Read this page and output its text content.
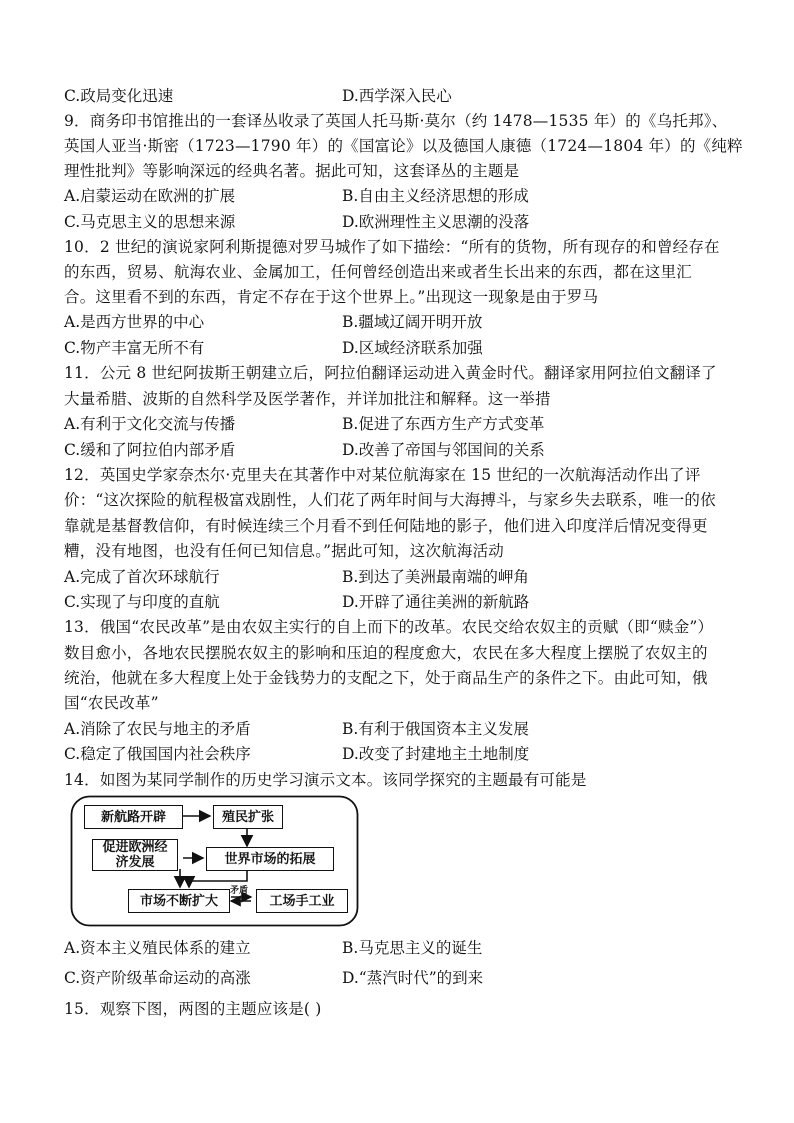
C.政局变化迅速	D.西学深入民心
9．商务印书馆推出的一套译丛收录了英国人托马斯·莫尔（约 1478—1535 年）的《乌托邦》、
英国人亚当·斯密（1723—1790 年）的《国富论》以及德国人康德（1724—1804 年）的《纯粹
理性批判》等影响深远的经典名著。据此可知，这套译丛的主题是
A.启蒙运动在欧洲的扩展	B.自由主义经济思想的形成
C.马克思主义的思想来源	D.欧洲理性主义思潮的没落
10．2 世纪的演说家阿利斯提德对罗马城作了如下描绘：“所有的货物，所有现存的和曾经存在
的东西，贸易、航海农业、金属加工，任何曾经创造出来或者生长出来的东西，都在这里汇
合。这里看不到的东西，肯定不存在于这个世界上。”出现这一现象是由于罗马
A.是西方世界的中心	B.疆域辽阔开明开放
C.物产丰富无所不有	D.区域经济联系加强
11．公元 8 世纪阿拔斯王朝建立后，阿拉伯翻译运动进入黄金时代。翻译家用阿拉伯文翻译了
大量希腊、波斯的自然科学及医学著作，并详加批注和解释。这一举措
A.有利于文化交流与传播	B.促进了东西方生产方式变革
C.缓和了阿拉伯内部矛盾	D.改善了帝国与邻国间的关系
12．英国史学家奈杰尔·克里夫在其著作中对某位航海家在 15 世纪的一次航海活动作出了评
价：“这次探险的航程极富戏剧性，人们花了两年时间与大海搏斗，与家乡失去联系，唯一的依
靠就是基督教信仰，有时候连续三个月看不到任何陆地的影子，他们进入印度洋后情况变得更
糟，没有地图，也没有任何已知信息。”据此可知，这次航海活动
A.完成了首次环球航行	B.到达了美洲最南端的岬角
C.实现了与印度的直航	D.开辟了通往美洲的新航路
13．俄国“农民改革”是由农奴主实行的自上而下的改革。农民交给农奴主的贡赋（即“赎金”）
数目愈小，各地农民摆脱农奴主的影响和压迫的程度愈大，农民在多大程度上摆脱了农奴主的
统治，他就在多大程度上处于金钱势力的支配之下，处于商品生产的条件之下。由此可知，俄
国“农民改革”
A.消除了农民与地主的矛盾	B.有利于俄国资本主义发展
C.稳定了俄国国内社会秩序	D.改变了封建地主土地制度
14．如图为某同学制作的历史学习演示文本。该同学探究的主题最有可能是
新航路开辟	殖民扩张
促进欧洲经济发展	世界市场的拓展
市场不断扩大	工场手工业
矛盾
A.资本主义殖民体系的建立	B.马克思主义的诞生
C.资产阶级革命运动的高涨	D.“蒸汽时代”的到来
15．观察下图，两图的主题应该是( )
